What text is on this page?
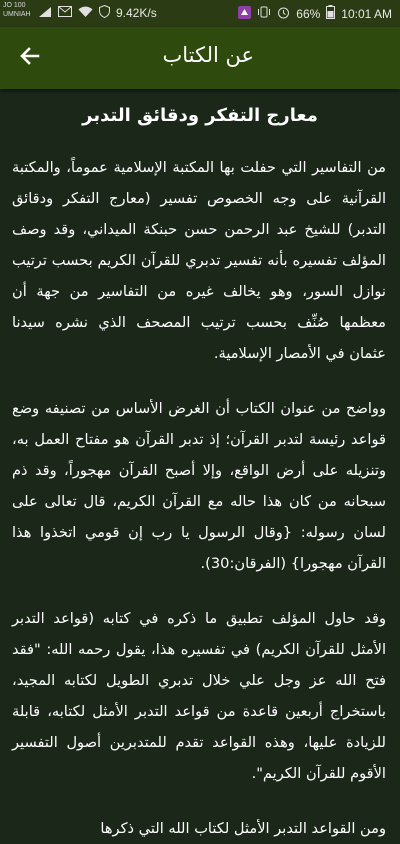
JO 100
UMNIAH	9.42K/s	66% 10:01 AM
عن الكتاب
معارج التفكر ودقائق التدبر

من التفاسير التي حفلت بها المكتبة الإسلامية عموماً، والمكتبة القرآنية على وجه الخصوص تفسير (معارج التفكر ودقائق التدبر) للشيخ عبد الرحمن حسن حبنكة الميداني، وقد وصف المؤلف تفسيره بأنه تفسير تدبري للقرآن الكريم بحسب ترتيب نوازل السور، وهو يخالف غيره من التفاسير من جهة أن معظمها صُنِّف بحسب ترتيب المصحف الذي نشره سيدنا عثمان في الأمصار الإسلامية.

وواضح من عنوان الكتاب أن الغرض الأساس من تصنيفه وضع قواعد رئيسة لتدبر القرآن؛ إذ تدبر القرآن هو مفتاح العمل به، وتنزيله على أرض الواقع، وإلا أصبح القرآن مهجوراً، وقد ذم سبحانه من كان هذا حاله مع القرآن الكريم، قال تعالى على لسان رسوله: {وقال الرسول يا رب إن قومي اتخذوا هذا القرآن مهجورا} (الفرقان:30).

وقد حاول المؤلف تطبيق ما ذكره في كتابه (قواعد التدبر الأمثل للقرآن الكريم) في تفسيره هذا، يقول رحمه الله: "فقد فتح الله عز وجل علي خلال تدبري الطويل لكتابه المجيد، باستخراج أربعين قاعدة من قواعد التدبر الأمثل لكتابه، قابلة للزيادة عليها، وهذه القواعد تقدم للمتدبرين أصول التفسير الأقوم للقرآن الكريم".

ومن القواعد التدبر الأمثل لكتاب الله التي ذكرها
